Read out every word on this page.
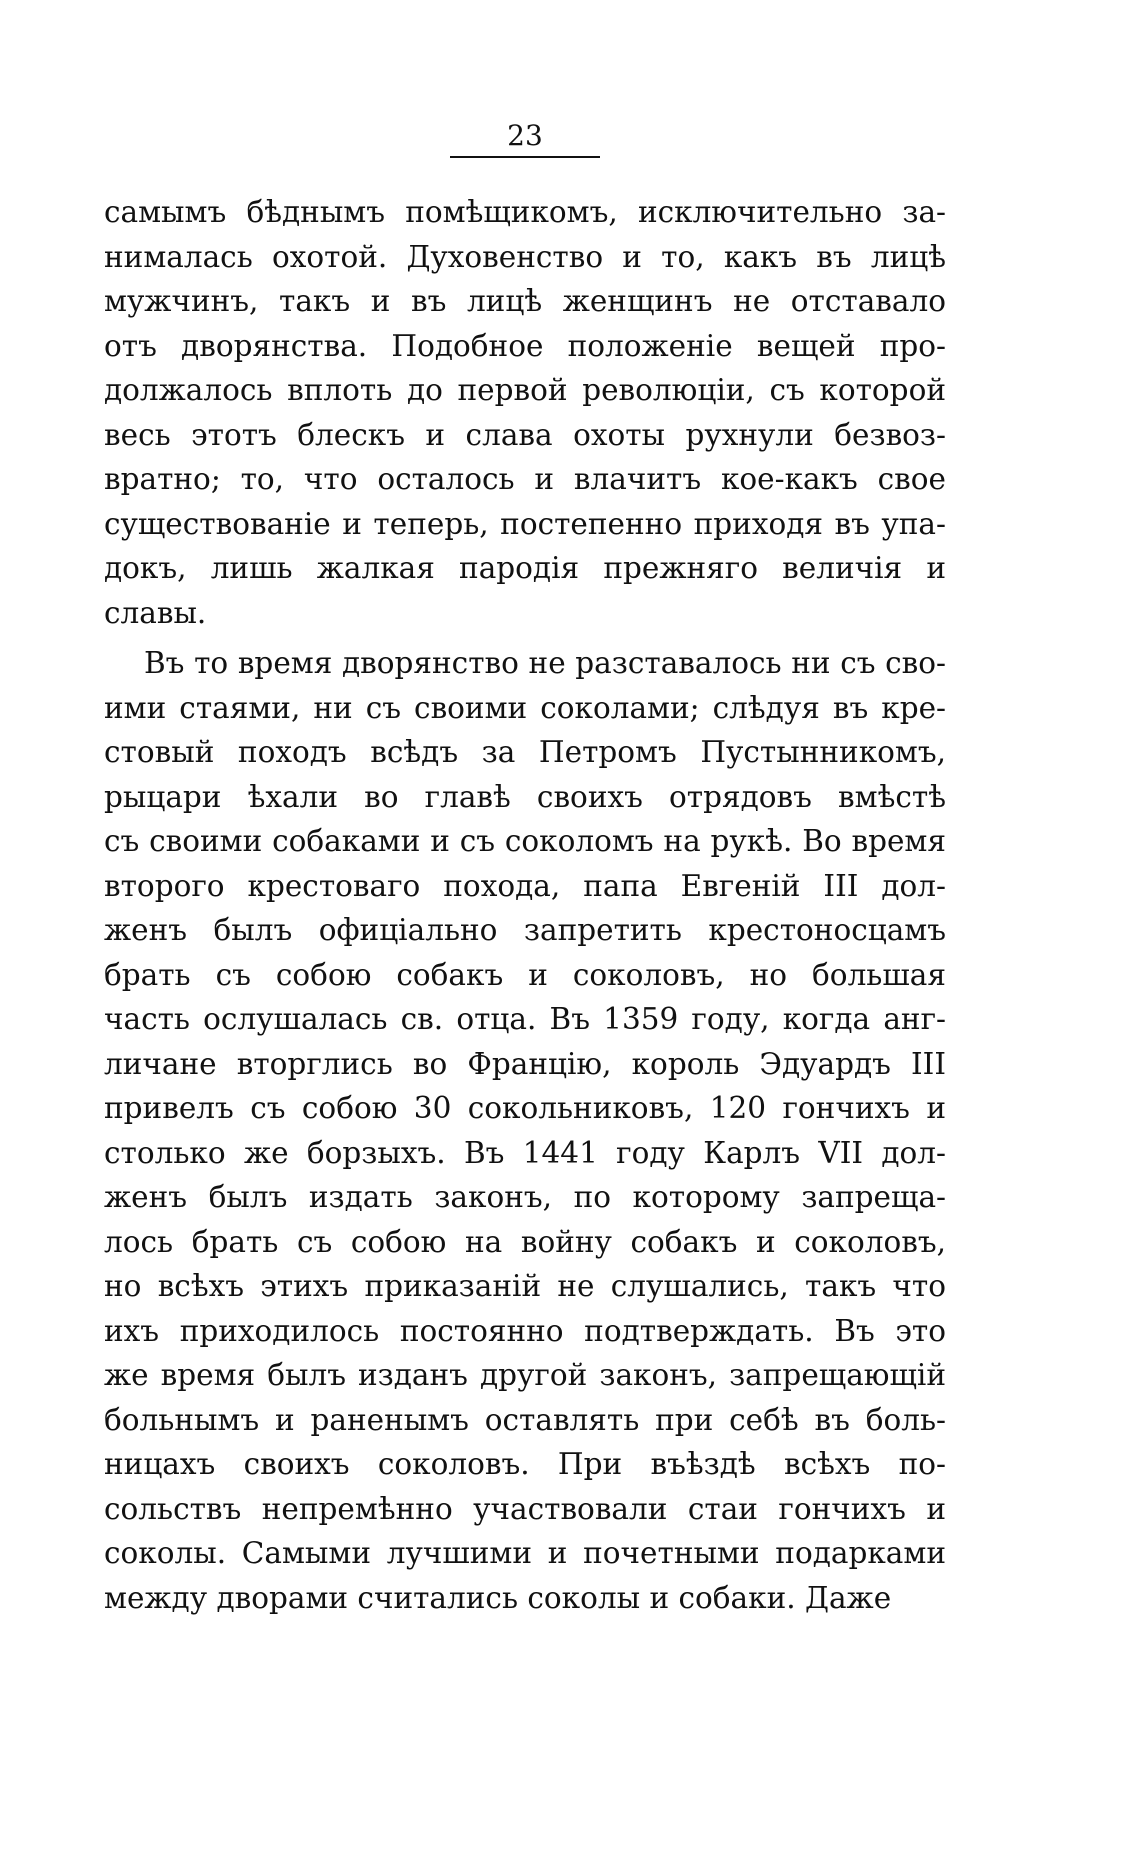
23
самымъ бѣднымъ помѣщикомъ, исключительно за-
нималась охотой. Духовенство и то, какъ въ лицѣ
мужчинъ, такъ и въ лицѣ женщинъ не отставало
отъ дворянства. Подобное положенiе вещей про-
должалось вплоть до первой революцiи, съ которой
весь этотъ блескъ и слава охоты рухнули безвоз-
вратно; то, что осталось и влачитъ кое-какъ свое
существованiе и теперь, постепенно приходя въ упа-
докъ, лишь жалкая пародiя прежняго величiя и
славы.
Въ то время дворянство не разставалось ни съ сво-
ими стаями, ни съ своими соколами; слѣдуя въ кре-
стовый походъ всѣдъ за Петромъ Пустынникомъ,
рыцари ѣхали во главѣ своихъ отрядовъ вмѣстѣ
съ своими собаками и съ соколомъ на рукѣ. Во время
второго крестоваго похода, папа Евгенiй III дол-
женъ былъ офицiально запретить крестоносцамъ
брать съ собою собакъ и соколовъ, но большая
часть ослушалась св. отца. Въ 1359 году, когда анг-
личане вторглись во Францiю, король Эдуардъ III
привелъ съ собою 30 сокольниковъ, 120 гончихъ и
столько же борзыхъ. Въ 1441 году Карлъ VII дол-
женъ былъ издать законъ, по которому запреща-
лось брать съ собою на войну собакъ и соколовъ,
но всѣхъ этихъ приказанiй не слушались, такъ что
ихъ приходилось постоянно подтверждать. Въ это
же время былъ изданъ другой законъ, запрещающiй
больнымъ и раненымъ оставлять при себѣ въ боль-
ницахъ своихъ соколовъ. При въѣздѣ всѣхъ по-
сольствъ непремѣнно участвовали стаи гончихъ и
соколы. Самыми лучшими и почетными подарками
между дворами считались соколы и собаки. Даже
